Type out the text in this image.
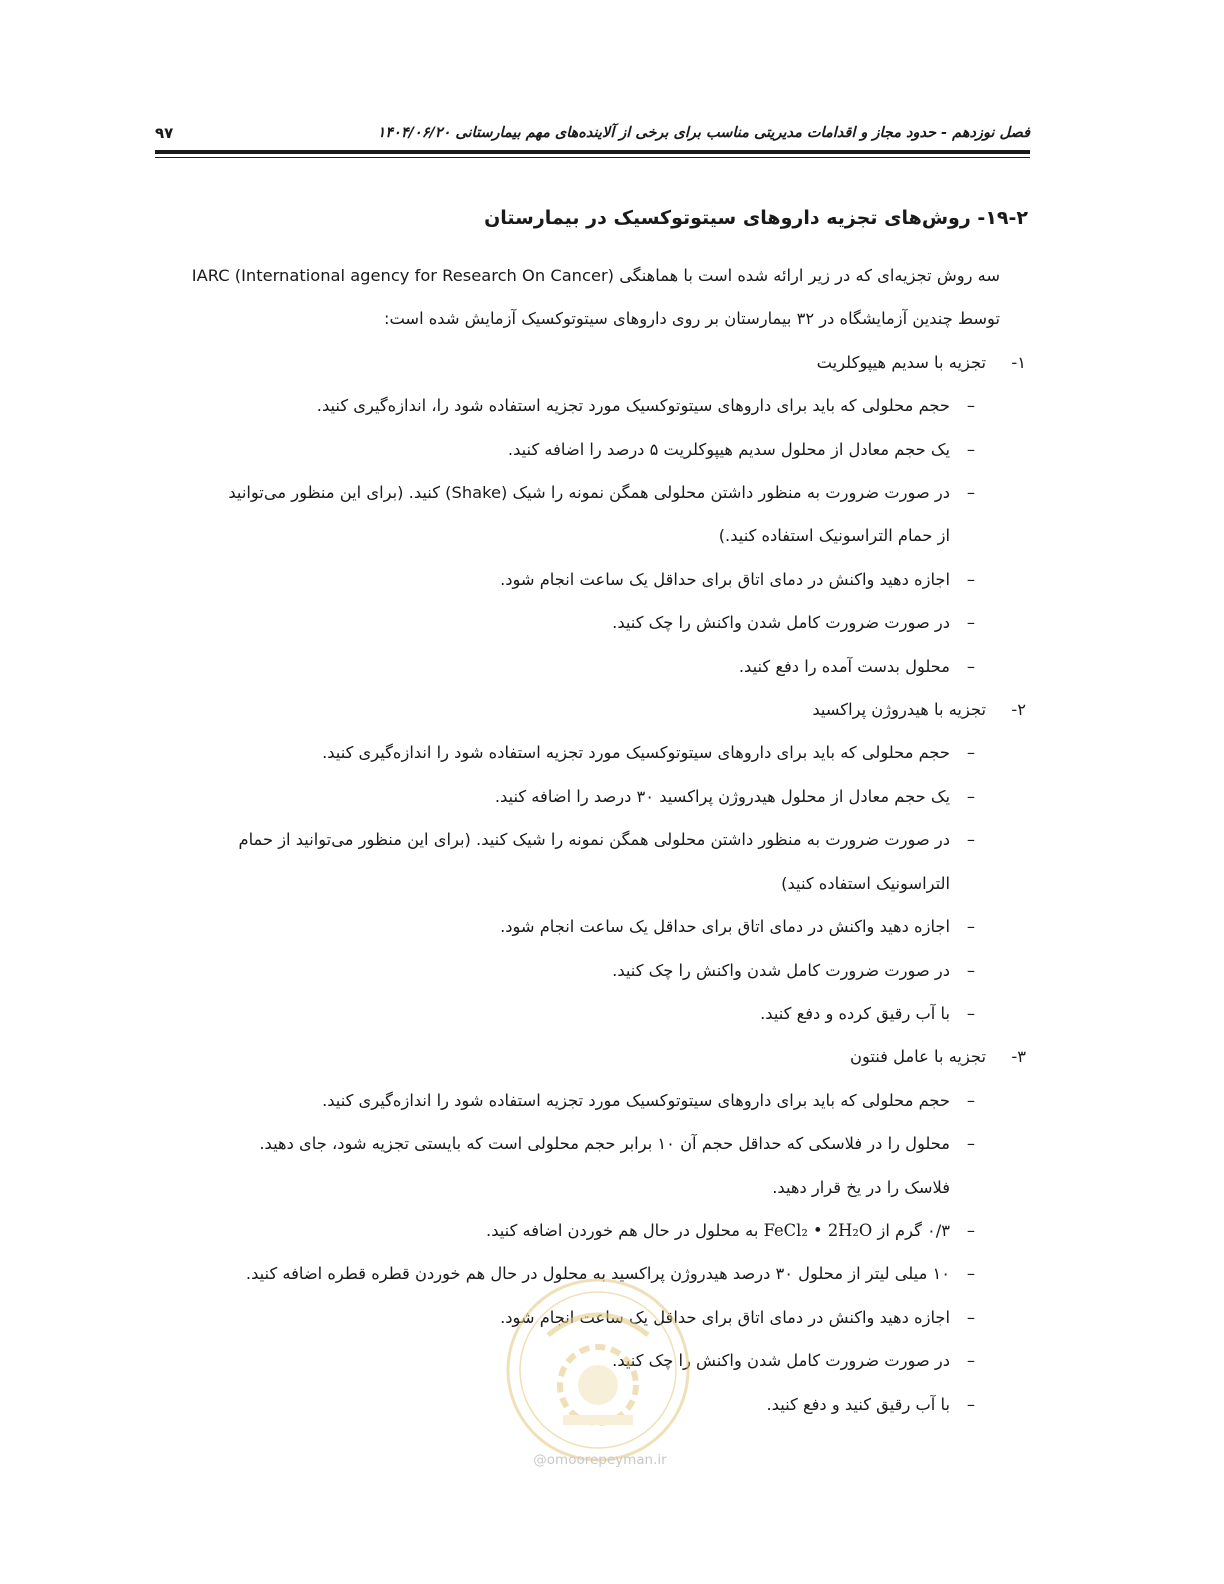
فصل نوزدهم - حدود مجاز و اقدامات مدیریتی مناسب برای برخی از آلاینده‌های مهم بیمارستانی ۱۴۰۴/۰۶/۲۰
۹۷
۱۹-۲- روش‌های تجزیه داروهای سیتوتوکسیک در بیمارستان
سه روش تجزیه‌ای که در زیر ارائه شده است با هماهنگی IARC (International agency for Research On Cancer)
توسط چندین آزمایشگاه در ۳۲ بیمارستان بر روی داروهای سیتوتوکسیک آزمایش شده است:
۱-
تجزیه با سدیم هیپوکلریت
–
حجم محلولی که باید برای داروهای سیتوتوکسیک مورد تجزیه استفاده شود را، اندازه‌گیری کنید.
–
یک حجم معادل از محلول سدیم هیپوکلریت ۵ درصد را اضافه کنید.
–
در صورت ضرورت به منظور داشتن محلولی همگن نمونه را شیک (Shake) کنید. (برای این منظور می‌توانید
از حمام التراسونیک استفاده کنید.)
–
اجازه دهید واکنش در دمای اتاق برای حداقل یک ساعت انجام شود.
–
در صورت ضرورت کامل شدن واکنش را چک کنید.
–
محلول بدست آمده را دفع کنید.
۲-
تجزیه با هیدروژن پراکسید
–
حجم محلولی که باید برای داروهای سیتوتوکسیک مورد تجزیه استفاده شود را اندازه‌گیری کنید.
–
یک حجم معادل از محلول هیدروژن پراکسید ۳۰ درصد را اضافه کنید.
–
در صورت ضرورت به منظور داشتن محلولی همگن نمونه را شیک کنید. (برای این منظور می‌توانید از حمام
التراسونیک استفاده کنید)
–
اجازه دهید واکنش در دمای اتاق برای حداقل یک ساعت انجام شود.
–
در صورت ضرورت کامل شدن واکنش را چک کنید.
–
با آب رقیق کرده و دفع کنید.
۳-
تجزیه با عامل فنتون
–
حجم محلولی که باید برای داروهای سیتوتوکسیک مورد تجزیه استفاده شود را اندازه‌گیری کنید.
–
محلول را در فلاسکی که حداقل حجم آن ۱۰ برابر حجم محلولی است که بایستی تجزیه شود، جای دهید.
فلاسک را در یخ قرار دهید.
–
۰/۳ گرم از FeCl₂ • 2H₂O به محلول در حال هم خوردن اضافه کنید.
–
۱۰ میلی لیتر از محلول ۳۰ درصد هیدروژن پراکسید به محلول در حال هم خوردن قطره قطره اضافه کنید.
–
اجازه دهید واکنش در دمای اتاق برای حداقل یک ساعت انجام شود.
–
در صورت ضرورت کامل شدن واکنش را چک کنید.
–
با آب رقیق کنید و دفع کنید.
@omoorepeyman.ir
